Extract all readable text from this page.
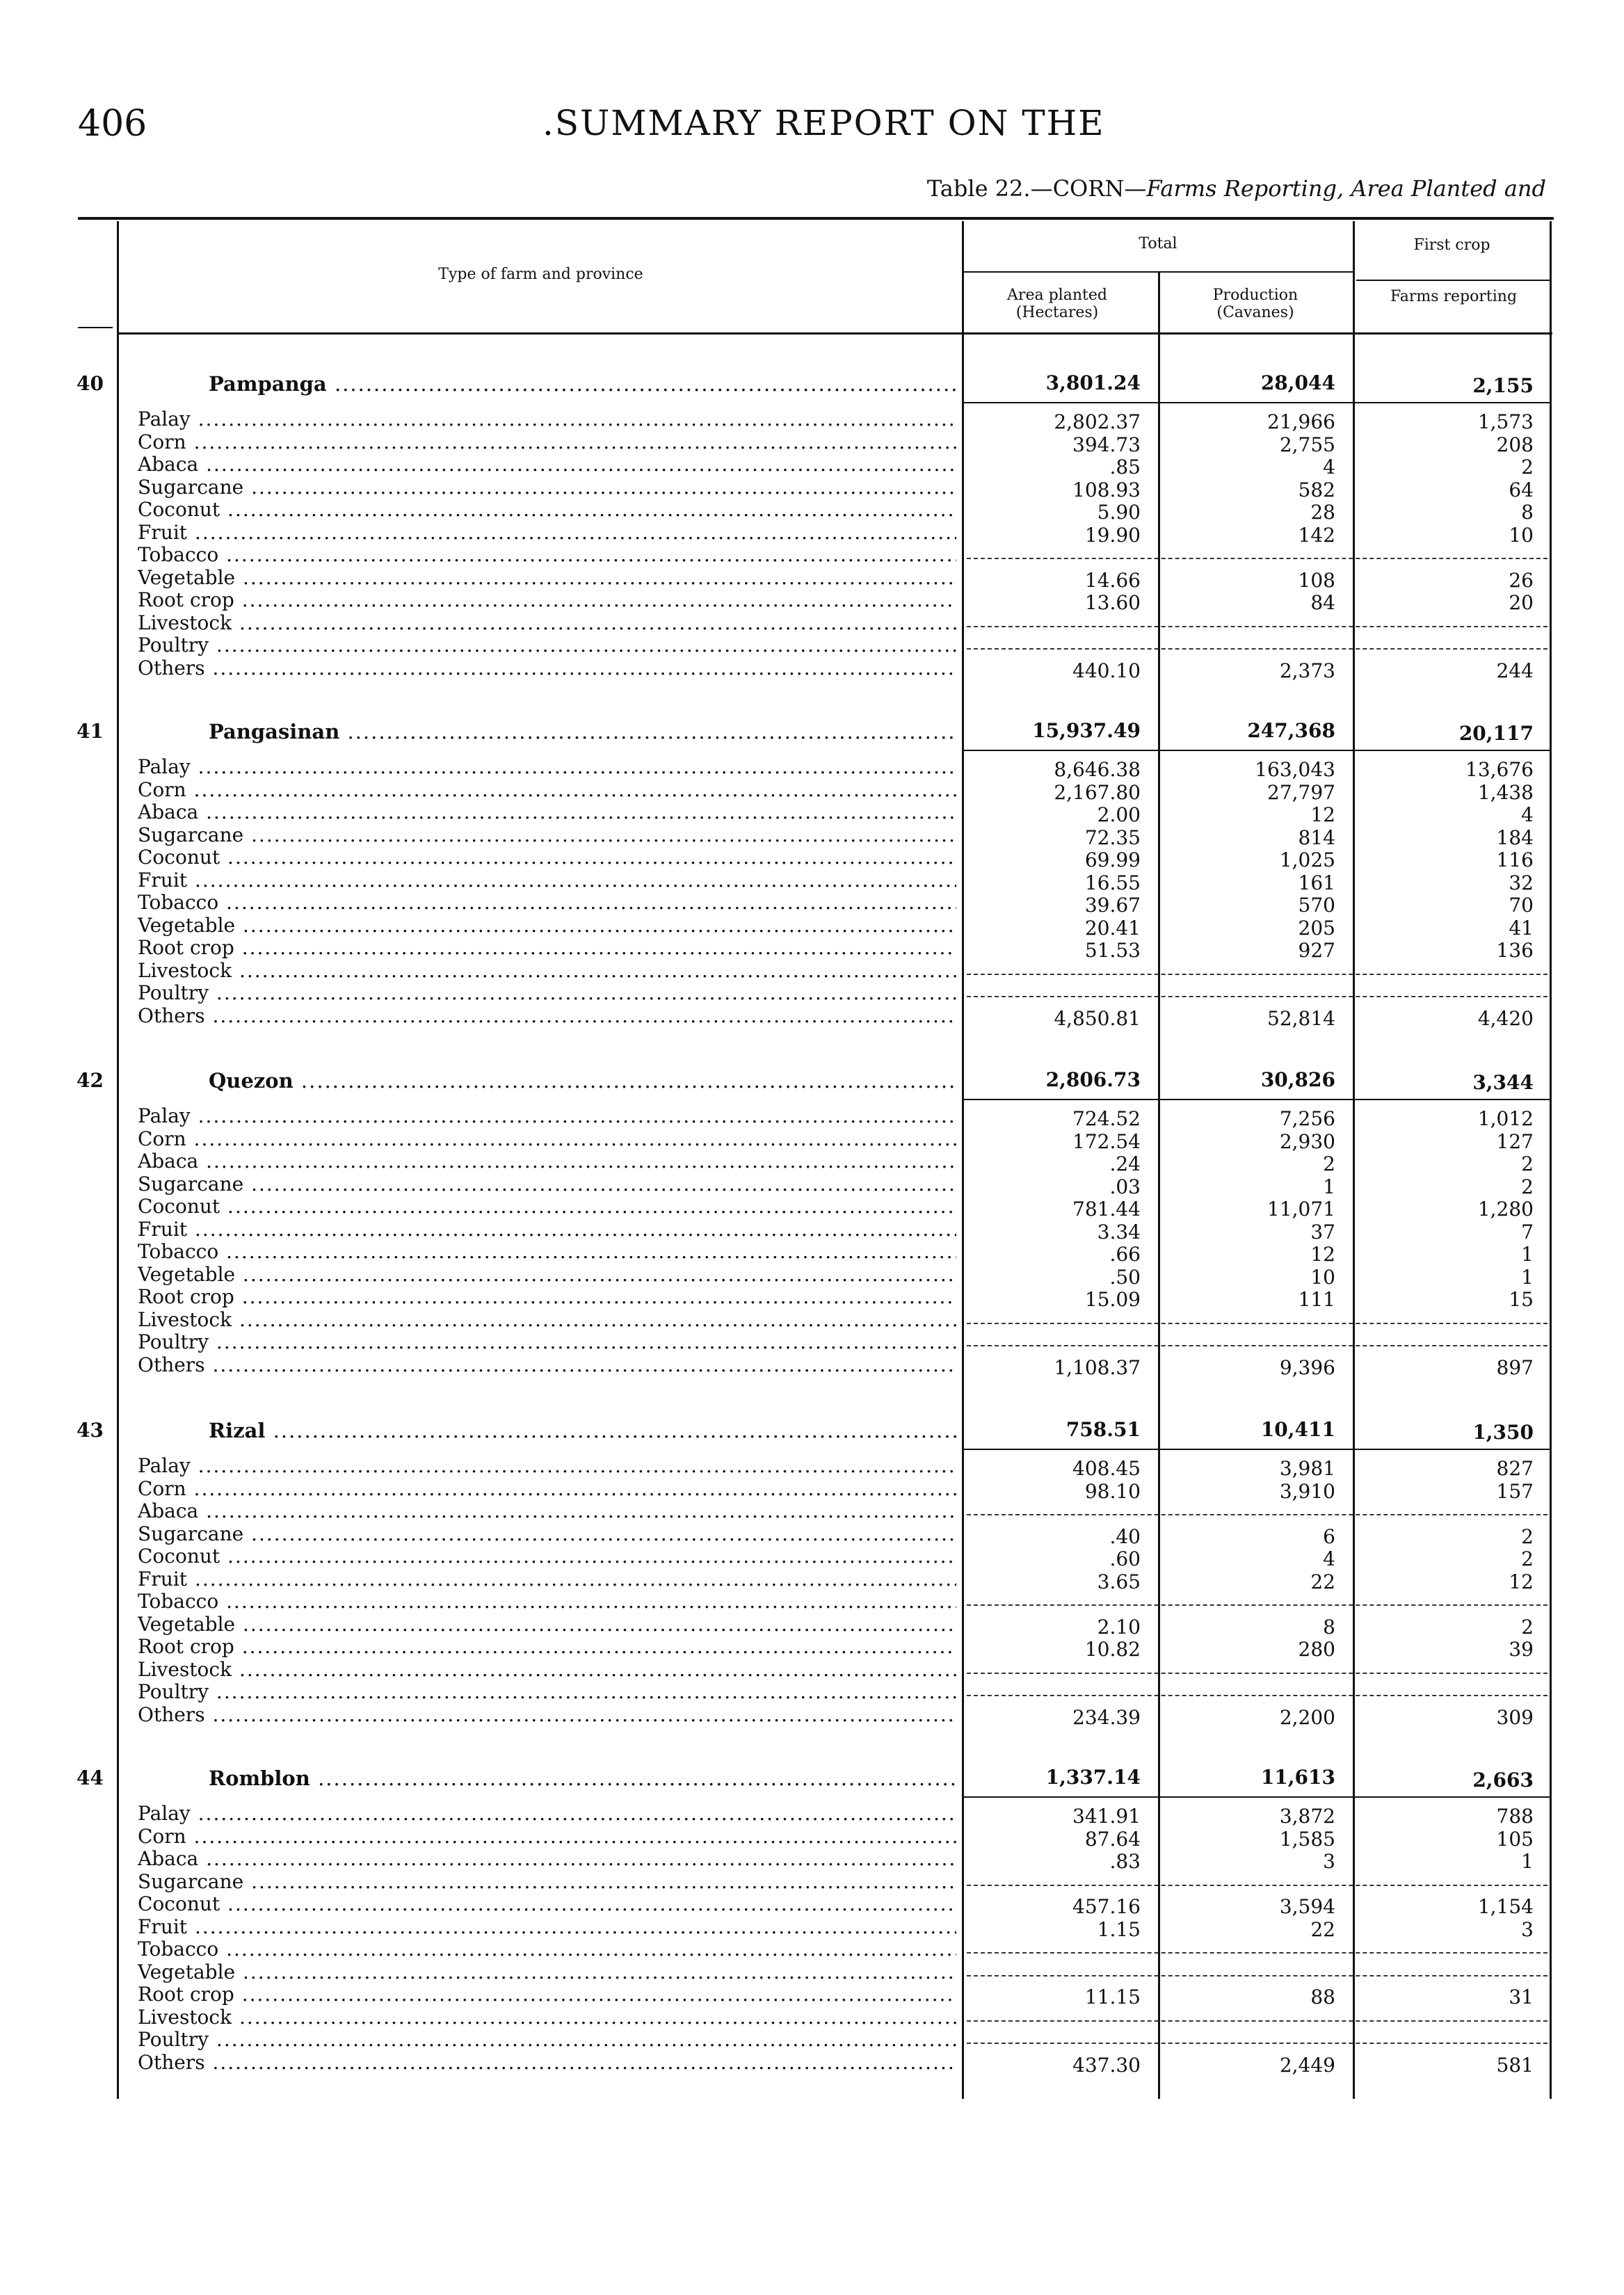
406	.SUMMARY REPORT ON THE
Table 22.—CORN—Farms Reporting, Area Planted and
Type of farm and province
Total	First crop
Area planted (Hectares)
Production (Cavanes)
Farms reporting
40	Pampanga .....	3,801.24	28,044	2,155
Palay .....	2,802.37	21,966	1,573
Corn .....	394.73	2,755	208
Abaca .....	.85	4	2
Sugarcane .....	108.93	582	64
Coconut .....	5.90	28	8
Fruit .....	19.90	142	10
Tobacco .....
Vegetable .....	14.66	108	26
Root crop .....	13.60	84	20
Livestock .....
Poultry .....
Others .....	440.10	2,373	244
41	Pangasinan .....	15,937.49	247,368	20,117
Palay .....	8,646.38	163,043	13,676
Corn .....	2,167.80	27,797	1,438
Abaca .....	2.00	12	4
Sugarcane .....	72.35	814	184
Coconut .....	69.99	1,025	116
Fruit .....	16.55	161	32
Tobacco .....	39.67	570	70
Vegetable .....	20.41	205	41
Root crop .....	51.53	927	136
Livestock .....
Poultry .....
Others .....	4,850.81	52,814	4,420
42	Quezon .....	2,806.73	30,826	3,344
Palay .....	724.52	7,256	1,012
Corn .....	172.54	2,930	127
Abaca .....	.24	2	2
Sugarcane .....	.03	1	2
Coconut .....	781.44	11,071	1,280
Fruit .....	3.34	37	7
Tobacco .....	.66	12	1
Vegetable .....	.50	10	1
Root crop .....	15.09	111	15
Livestock .....
Poultry .....
Others .....	1,108.37	9,396	897
43	Rizal .....	758.51	10,411	1,350
Palay .....	408.45	3,981	827
Corn .....	98.10	3,910	157
Abaca .....
Sugarcane .....	.40	6	2
Coconut .....	.60	4	2
Fruit .....	3.65	22	12
Tobacco .....
Vegetable .....	2.10	8	2
Root crop .....	10.82	280	39
Livestock .....
Poultry .....
Others .....	234.39	2,200	309
44	Romblon .....	1,337.14	11,613	2,663
Palay .....	341.91	3,872	788
Corn .....	87.64	1,585	105
Abaca .....	.83	3	1
Sugarcane .....
Coconut .....	457.16	3,594	1,154
Fruit .....	1.15	22	3
Tobacco .....
Vegetable .....
Root crop .....	11.15	88	31
Livestock .....
Poultry .....
Others .....	437.30	2,449	581
